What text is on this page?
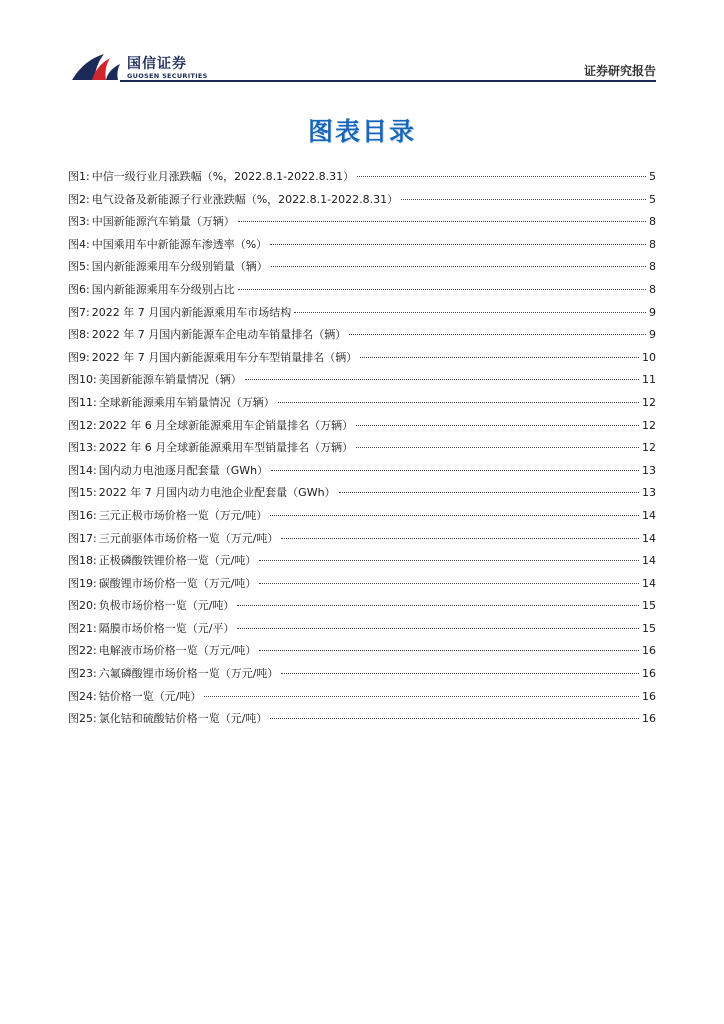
国信证券
GUOSEN SECURITIES	证券研究报告
图表目录
图1: 中信一级行业月涨跌幅（%，2022.8.1-2022.8.31）	5
图2: 电气设备及新能源子行业涨跌幅（%，2022.8.1-2022.8.31）	5
图3: 中国新能源汽车销量（万辆）	8
图4: 中国乘用车中新能源车渗透率（%）	8
图5: 国内新能源乘用车分级别销量（辆）	8
图6: 国内新能源乘用车分级别占比	8
图7: 2022 年 7 月国内新能源乘用车市场结构	9
图8: 2022 年 7 月国内新能源车企电动车销量排名（辆）	9
图9: 2022 年 7 月国内新能源乘用车分车型销量排名（辆）	10
图10: 美国新能源车销量情况（辆）	11
图11: 全球新能源乘用车销量情况（万辆）	12
图12: 2022 年 6 月全球新能源乘用车企销量排名（万辆）	12
图13: 2022 年 6 月全球新能源乘用车型销量排名（万辆）	12
图14: 国内动力电池逐月配套量（GWh）	13
图15: 2022 年 7 月国内动力电池企业配套量（GWh）	13
图16: 三元正极市场价格一览（万元/吨）	14
图17: 三元前驱体市场价格一览（万元/吨）	14
图18: 正极磷酸铁锂价格一览（元/吨）	14
图19: 碳酸锂市场价格一览（万元/吨）	14
图20: 负极市场价格一览（元/吨）	15
图21: 隔膜市场价格一览（元/平）	15
图22: 电解液市场价格一览（万元/吨）	16
图23: 六氟磷酸锂市场价格一览（万元/吨）	16
图24: 钴价格一览（元/吨）	16
图25: 氯化钴和硫酸钴价格一览（元/吨）	16
